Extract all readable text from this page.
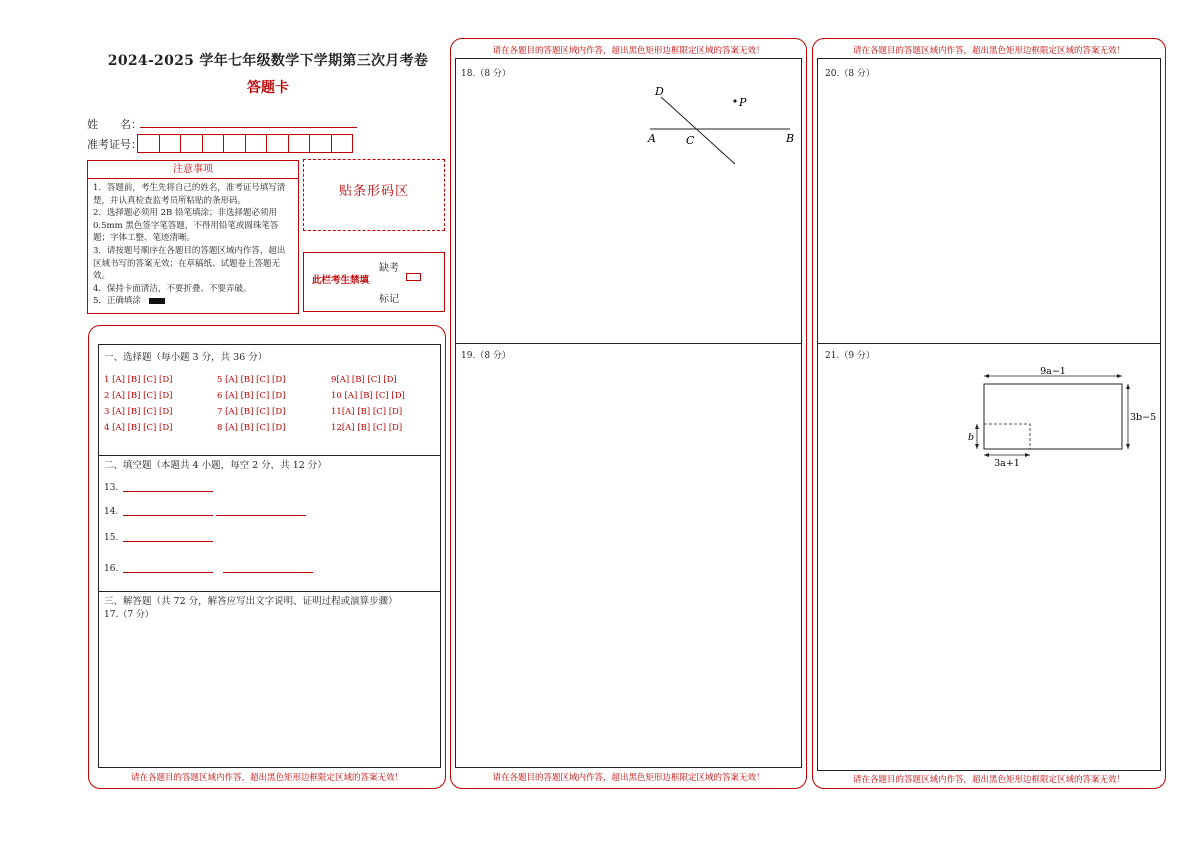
2024-2025 学年七年级数学下学期第三次月考卷
答题卡
姓　　名：
准考证号：
注意事项

1．答题前，考生先将自己的姓名，准考证号填写清楚，并认真检查监考员所粘贴的条形码。

2．选择题必须用 2B 铅笔填涂；非选择题必须用 0.5mm 黑色签字笔答题，不得用铅笔或圆珠笔答题；字体工整、笔迹清晰。

3．请按题号顺序在各题目的答题区域内作答，超出区域书写的答案无效；在草稿纸、试题卷上答题无效。

4．保持卡面清洁，不要折叠、不要弄破。

5．正确填涂

贴条形码区
此栏考生禁填
缺考
标记
请在各题目的答题区域内作答，超出黑色矩形边框限定区域的答案无效！
一、选择题（每小题 3 分，共 36 分）
1 [A] [B] [C] [D]	5 [A] [B] [C] [D]	9[A] [B] [C] [D]
2 [A] [B] [C] [D]	6 [A] [B] [C] [D]	10 [A] [B] [C] [D]
3 [A] [B] [C] [D]	7 [A] [B] [C] [D]	11[A] [B] [C] [D]
4 [A] [B] [C] [D]	8 [A] [B] [C] [D]	12[A] [B] [C] [D]
二、填空题（本题共 4 小题，每空 2 分，共 12 分）
13.
14.
15.
16.
三、解答题（共 72 分，解答应写出文字说明、证明过程或演算步骤）
17.（7 分）
请在各题目的答题区域内作答，超出黑色矩形边框限定区域的答案无效！
请在各题目的答题区域内作答，超出黑色矩形边框限定区域的答案无效！
18.（8 分）
D
P
A	C	B
19.（8 分）
请在各题目的答题区域内作答，超出黑色矩形边框限定区域的答案无效！
请在各题目的答题区域内作答，超出黑色矩形边框限定区域的答案无效！
20.（8 分）
21.（9 分）
9a−1
3b−5
b
3a+1
